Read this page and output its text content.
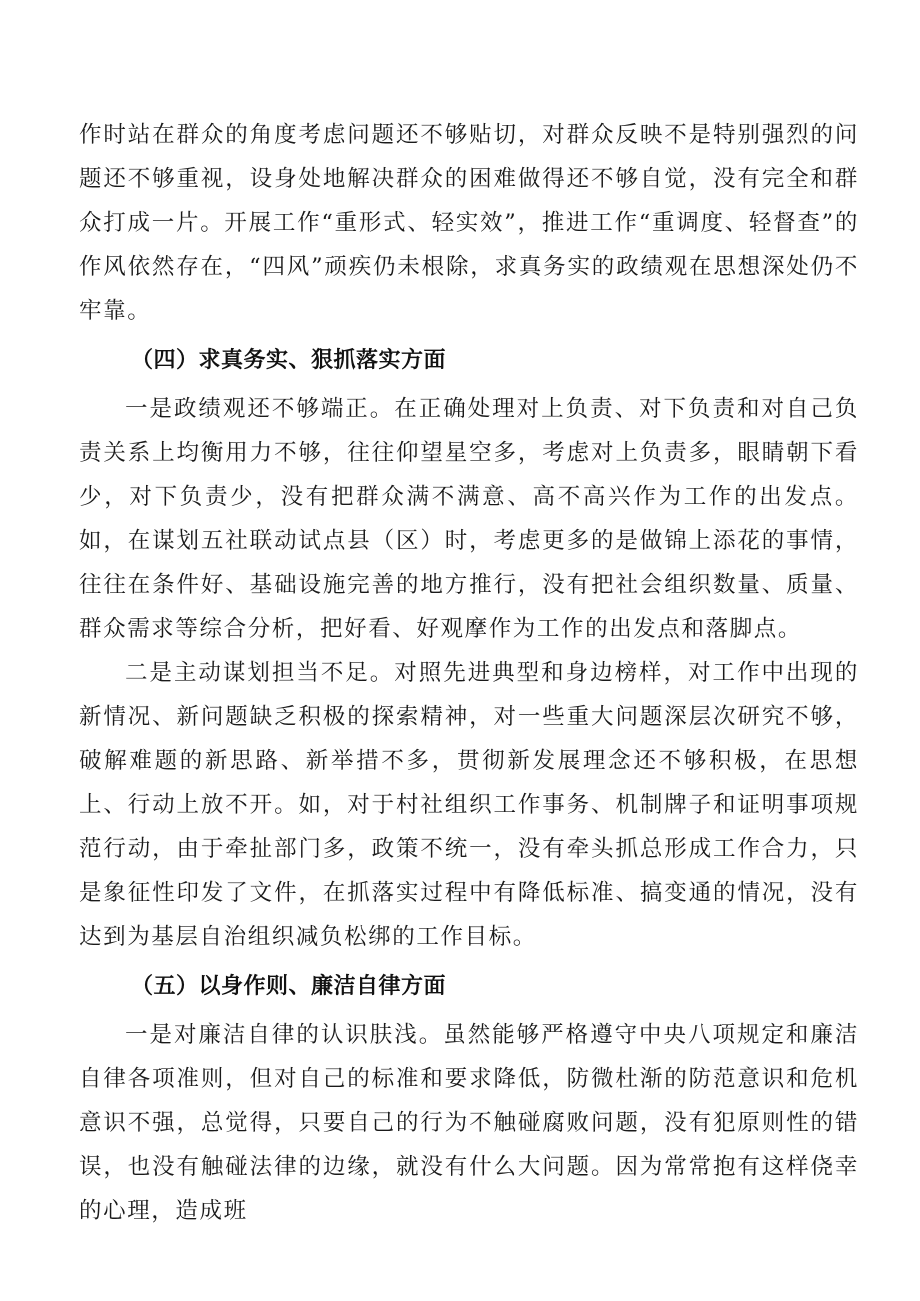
作时站在群众的角度考虑问题还不够贴切，对群众反映不是特别强烈的问题还不够重视，设身处地解决群众的困难做得还不够自觉，没有完全和群众打成一片。开展工作“重形式、轻实效”，推进工作“重调度、轻督查”的作风依然存在，“四风”顽疾仍未根除，求真务实的政绩观在思想深处仍不牢靠。

（四）求真务实、狠抓落实方面

一是政绩观还不够端正。在正确处理对上负责、对下负责和对自己负责关系上均衡用力不够，往往仰望星空多，考虑对上负责多，眼睛朝下看少，对下负责少，没有把群众满不满意、高不高兴作为工作的出发点。如，在谋划五社联动试点县（区）时，考虑更多的是做锦上添花的事情，往往在条件好、基础设施完善的地方推行，没有把社会组织数量、质量、群众需求等综合分析，把好看、好观摩作为工作的出发点和落脚点。

二是主动谋划担当不足。对照先进典型和身边榜样，对工作中出现的新情况、新问题缺乏积极的探索精神，对一些重大问题深层次研究不够，破解难题的新思路、新举措不多，贯彻新发展理念还不够积极，在思想上、行动上放不开。如，对于村社组织工作事务、机制牌子和证明事项规范行动，由于牵扯部门多，政策不统一，没有牵头抓总形成工作合力，只是象征性印发了文件，在抓落实过程中有降低标准、搞变通的情况，没有达到为基层自治组织减负松绑的工作目标。

（五）以身作则、廉洁自律方面

一是对廉洁自律的认识肤浅。虽然能够严格遵守中央八项规定和廉洁自律各项准则，但对自己的标准和要求降低，防微杜渐的防范意识和危机意识不强，总觉得，只要自己的行为不触碰腐败问题，没有犯原则性的错误，也没有触碰法律的边缘，就没有什么大问题。因为常常抱有这样侥幸的心理，造成班
